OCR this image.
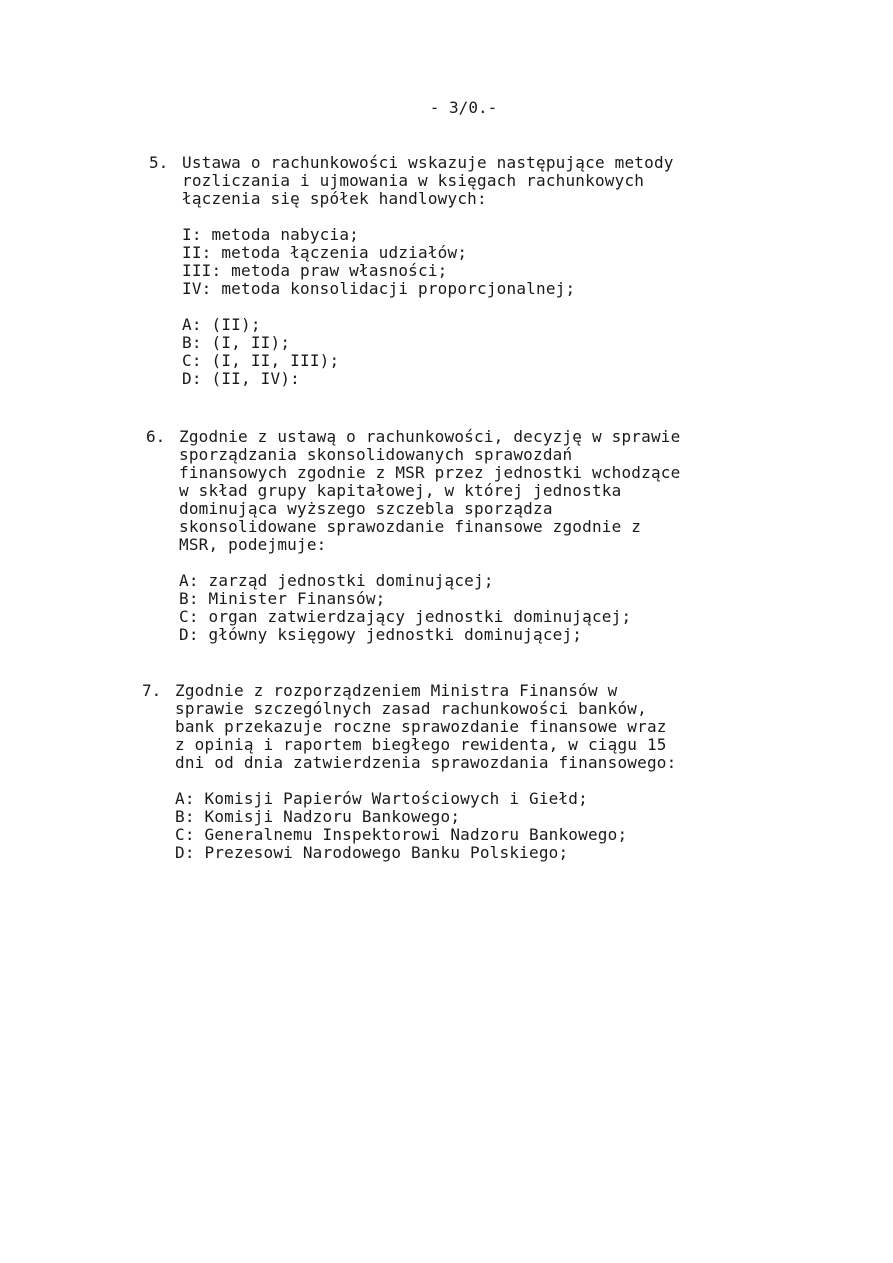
- 3/0.-
5. Ustawa o rachunkowości wskazuje następujące metody
rozliczania i ujmowania w księgach rachunkowych
łączenia się spółek handlowych:
I: metoda nabycia;
II: metoda łączenia udziałów;
III: metoda praw własności;
IV: metoda konsolidacji proporcjonalnej;
A: (II);
B: (I, II);
C: (I, II, III);
D: (II, IV):
6. Zgodnie z ustawą o rachunkowości, decyzję w sprawie
sporządzania skonsolidowanych sprawozdań
finansowych zgodnie z MSR przez jednostki wchodzące
w skład grupy kapitałowej, w której jednostka
dominująca wyższego szczebla sporządza
skonsolidowane sprawozdanie finansowe zgodnie z
MSR, podejmuje:
A: zarząd jednostki dominującej;
B: Minister Finansów;
C: organ zatwierdzający jednostki dominującej;
D: główny księgowy jednostki dominującej;
7. Zgodnie z rozporządzeniem Ministra Finansów w
sprawie szczególnych zasad rachunkowości banków,
bank przekazuje roczne sprawozdanie finansowe wraz
z opinią i raportem biegłego rewidenta, w ciągu 15
dni od dnia zatwierdzenia sprawozdania finansowego:
A: Komisji Papierów Wartościowych i Giełd;
B: Komisji Nadzoru Bankowego;
C: Generalnemu Inspektorowi Nadzoru Bankowego;
D: Prezesowi Narodowego Banku Polskiego;
